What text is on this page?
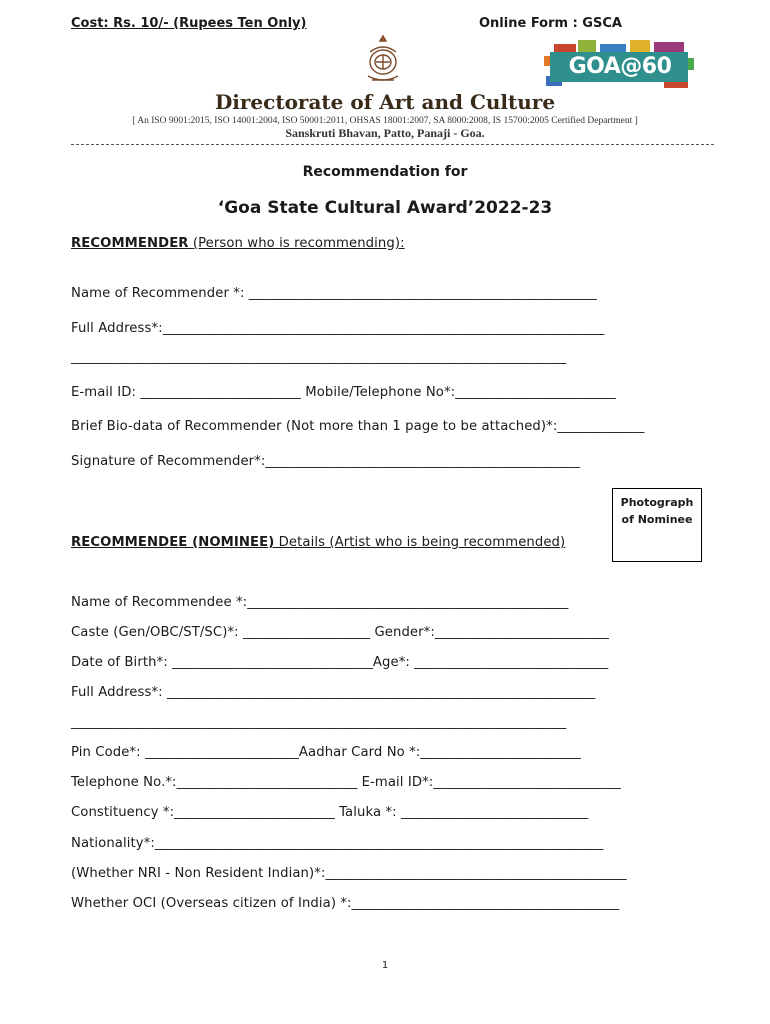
Cost: Rs. 10/- (Rupees Ten Only)	Online Form : GSCA
GOA@60
Directorate of Art and Culture
[ An ISO 9001:2015, ISO 14001:2004, ISO 50001:2011, OHSAS 18001:2007, SA 8000:2008, IS 15700:2005 Certified Department ]
Sanskruti Bhavan, Patto, Panaji - Goa.
Recommendation for
‘Goa State Cultural Award’2022-23
RECOMMENDER (Person who is recommending):
Name of Recommender *: ____________________________________________________
Full Address*:__________________________________________________________________
__________________________________________________________________________
E-mail ID: ________________________ Mobile/Telephone No*:________________________
Brief Bio-data of Recommender (Not more than 1 page to be attached)*:_____________
Signature of Recommender*:_______________________________________________
Photograph of Nominee
RECOMMENDEE (NOMINEE) Details (Artist who is being recommended)
Name of Recommendee *:________________________________________________
Caste (Gen/OBC/ST/SC)*: ___________________ Gender*:__________________________
Date of Birth*: ______________________________Age*: _____________________________
Full Address*: ________________________________________________________________
__________________________________________________________________________
Pin Code*: _______________________Aadhar Card No *:________________________
Telephone No.*:___________________________ E-mail ID*:____________________________
Constituency *:________________________ Taluka *: ____________________________
Nationality*:___________________________________________________________________
(Whether NRI - Non Resident Indian)*:_____________________________________________
Whether OCI (Overseas citizen of India) *:________________________________________
1
